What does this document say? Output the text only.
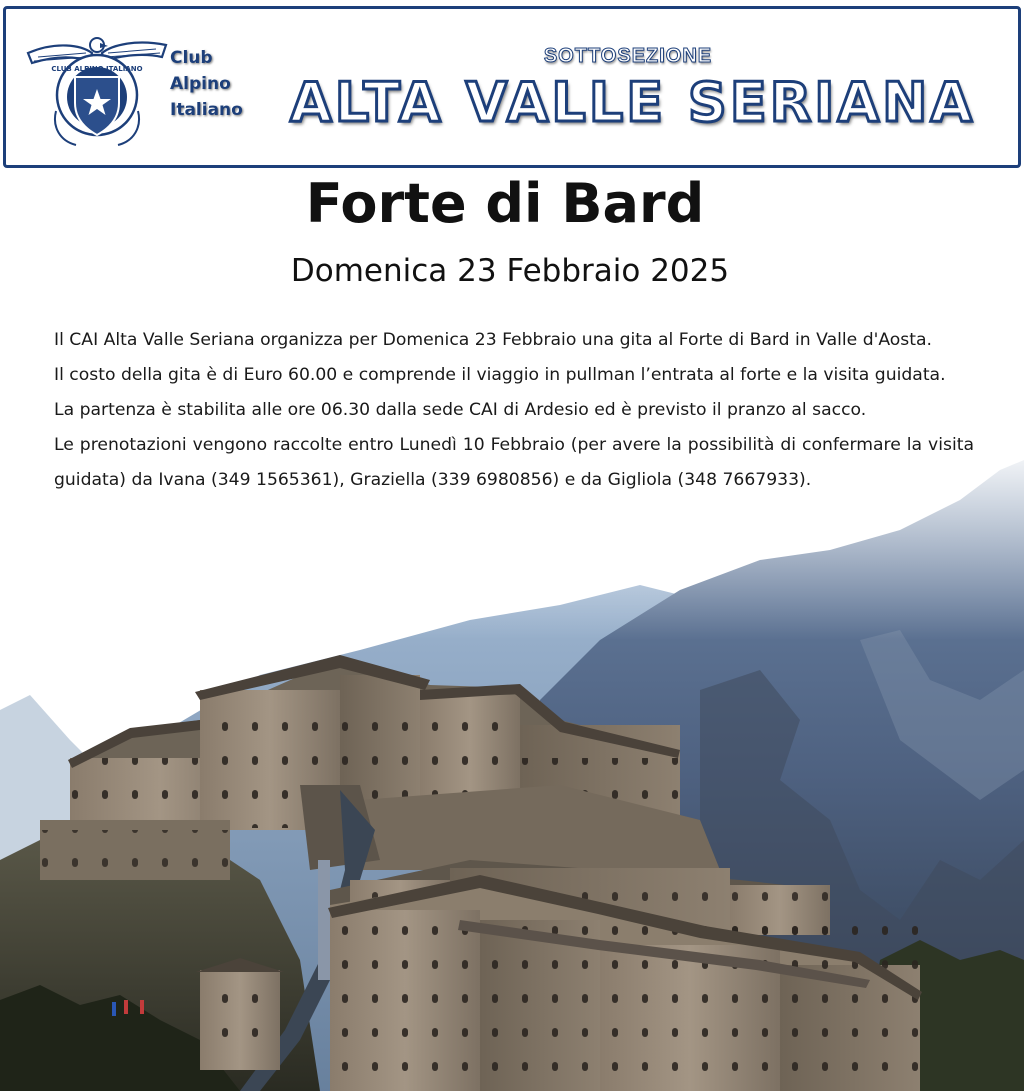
CLUB ALPINO ITALIANO
Club
Alpino
Italiano
SOTTOSEZIONE
ALTA VALLE SERIANA
Forte di Bard
Domenica 23 Febbraio 2025

Il CAI Alta Valle Seriana organizza per Domenica 23 Febbraio una gita al Forte di Bard in Valle d'Aosta.

Il costo della gita è di Euro 60.00 e comprende il viaggio in pullman l’entrata al forte e la visita guidata.

La partenza è stabilita alle ore 06.30 dalla sede CAI di Ardesio ed è previsto il pranzo al sacco.

Le prenotazioni vengono raccolte entro Lunedì 10 Febbraio (per avere la possibilità di confermare la visita guidata) da Ivana (349 1565361), Graziella (339 6980856) e da Gigliola (348 7667933).
